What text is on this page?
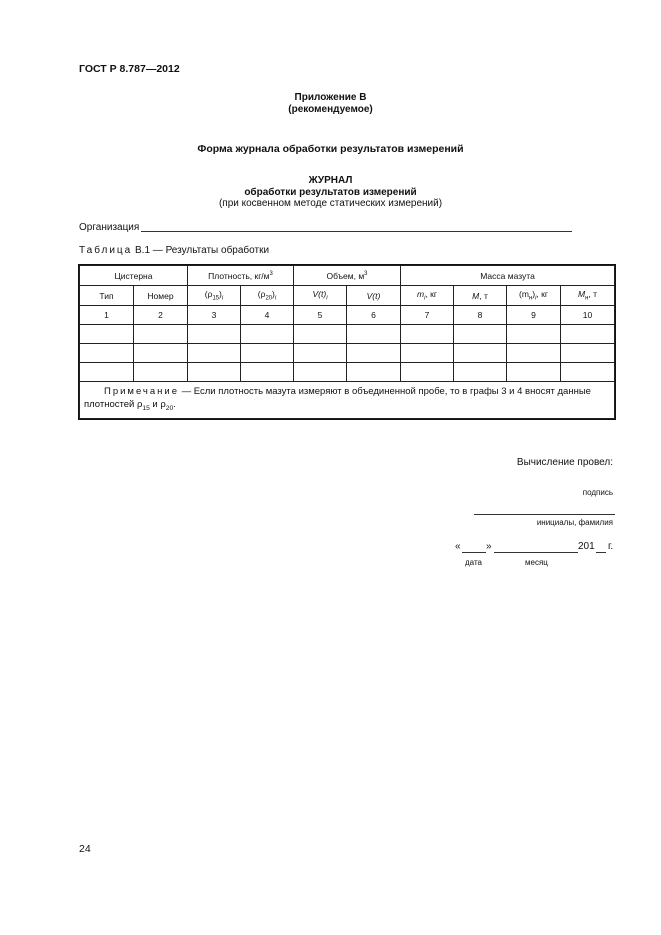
ГОСТ Р 8.787—2012
Приложение В
(рекомендуемое)
Форма журнала обработки результатов измерений
ЖУРНАЛ
обработки результатов измерений
(при косвенном методе статических измерений)
Организация
Таблица В.1 — Результаты обработки
Цистерна		Плотность, $кг/м^3$		Объем, $м^3$		Масса мазута			
Тип	Номер	$(\rho_{15})_i$	$(\rho_{20})_i$	$V(t)_i$	V(t)	$m_i$, кг	M, т	$(m_н)_i$, кг	$M_н$, т
1	2	3	4	5	6	7	8	9	10

Примечание — Если плотность мазута измеряют в объединенной пробе, то в графы 3 и 4 вносят данные плотностей $\rho_{15}$ и $\rho_{20}$.									
Вычисление провел:
подпись
инициалы, фамилия
«	»	201 г.
дата	месяц
24
